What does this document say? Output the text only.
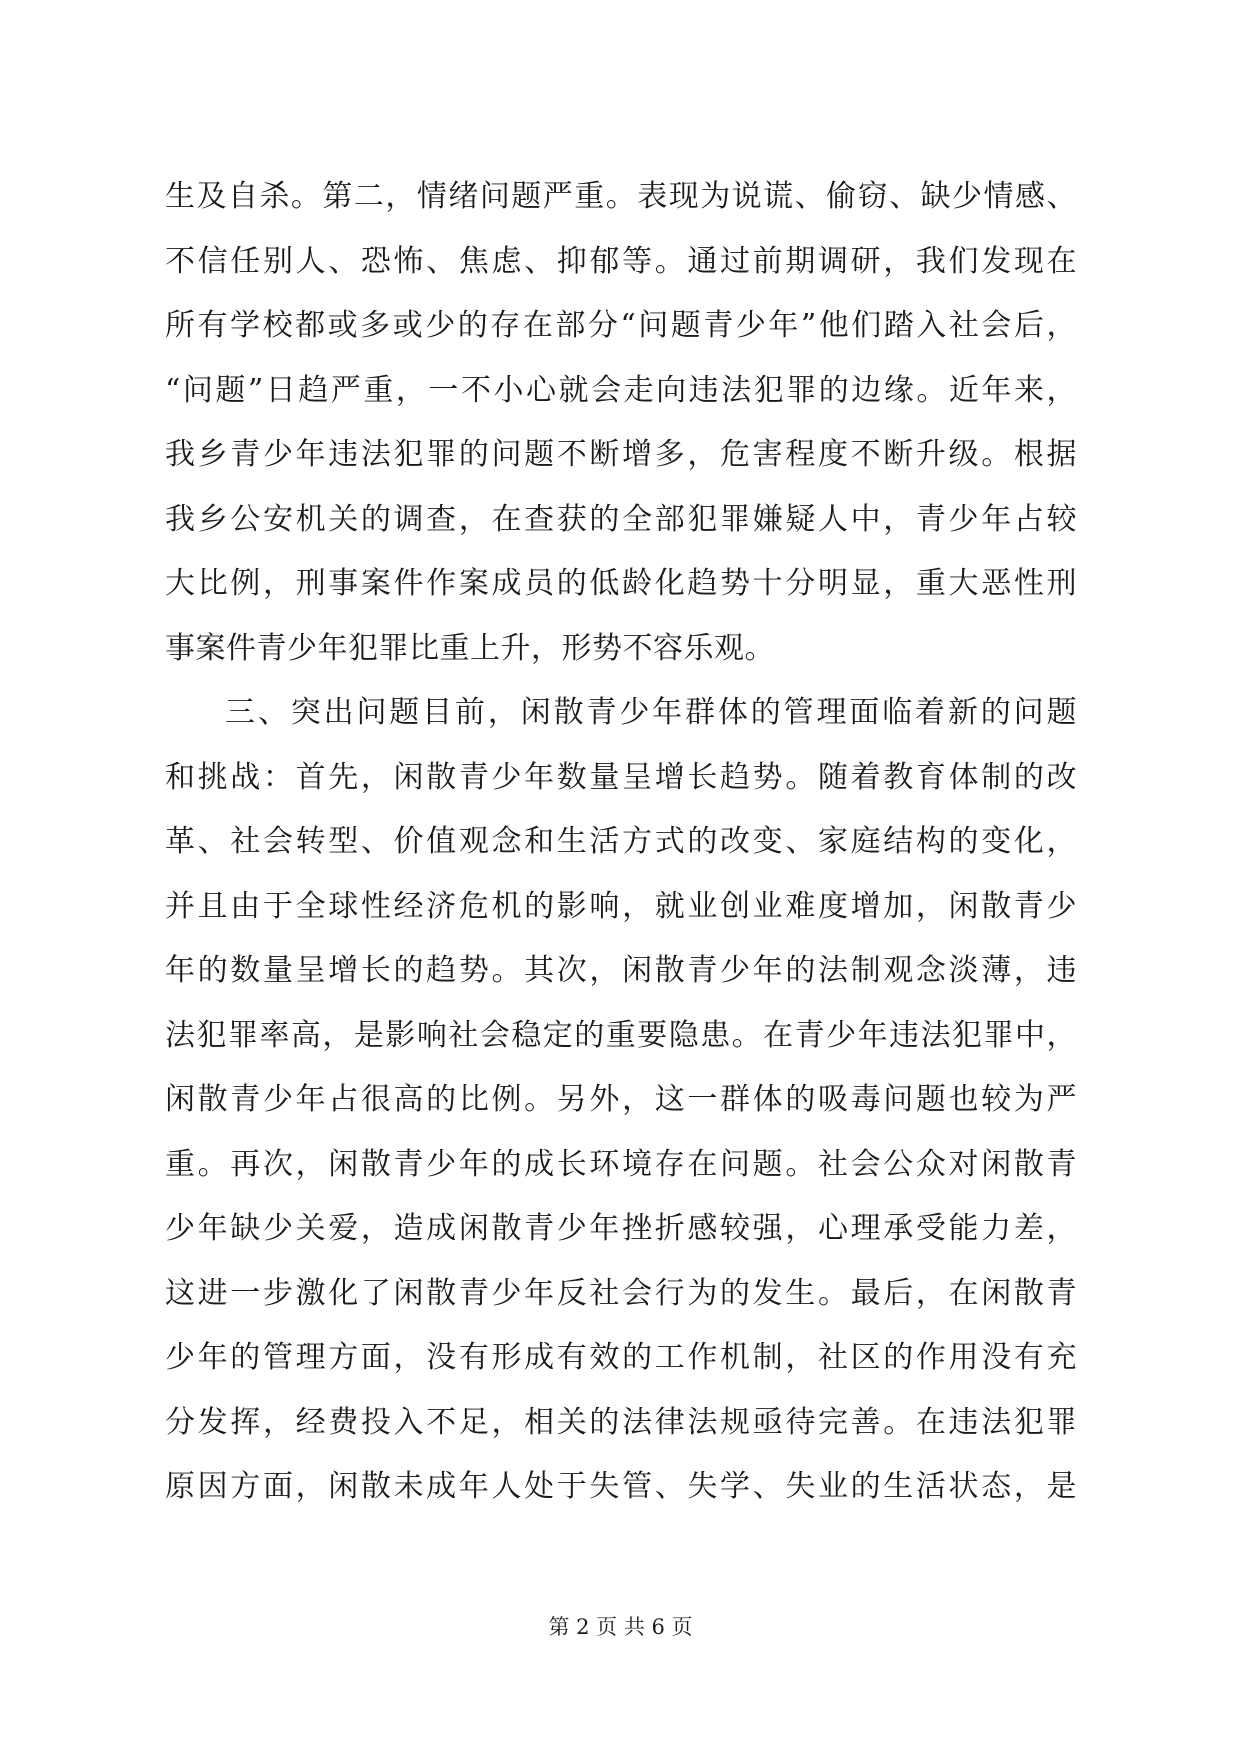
生及自杀。第二，情绪问题严重。表现为说谎、偷窃、缺少情感、
不信任别人、恐怖、焦虑、抑郁等。通过前期调研，我们发现在
所有学校都或多或少的存在部分“问题青少年”他们踏入社会后，
“问题”日趋严重，一不小心就会走向违法犯罪的边缘。近年来，
我乡青少年违法犯罪的问题不断增多，危害程度不断升级。根据
我乡公安机关的调查，在查获的全部犯罪嫌疑人中，青少年占较
大比例，刑事案件作案成员的低龄化趋势十分明显，重大恶性刑
事案件青少年犯罪比重上升，形势不容乐观。
三、突出问题目前，闲散青少年群体的管理面临着新的问题
和挑战：首先，闲散青少年数量呈增长趋势。随着教育体制的改
革、社会转型、价值观念和生活方式的改变、家庭结构的变化，
并且由于全球性经济危机的影响，就业创业难度增加，闲散青少
年的数量呈增长的趋势。其次，闲散青少年的法制观念淡薄，违
法犯罪率高，是影响社会稳定的重要隐患。在青少年违法犯罪中，
闲散青少年占很高的比例。另外，这一群体的吸毒问题也较为严
重。再次，闲散青少年的成长环境存在问题。社会公众对闲散青
少年缺少关爱，造成闲散青少年挫折感较强，心理承受能力差，
这进一步激化了闲散青少年反社会行为的发生。最后，在闲散青
少年的管理方面，没有形成有效的工作机制，社区的作用没有充
分发挥，经费投入不足，相关的法律法规亟待完善。在违法犯罪
原因方面，闲散未成年人处于失管、失学、失业的生活状态，是
第 2 页 共 6 页
